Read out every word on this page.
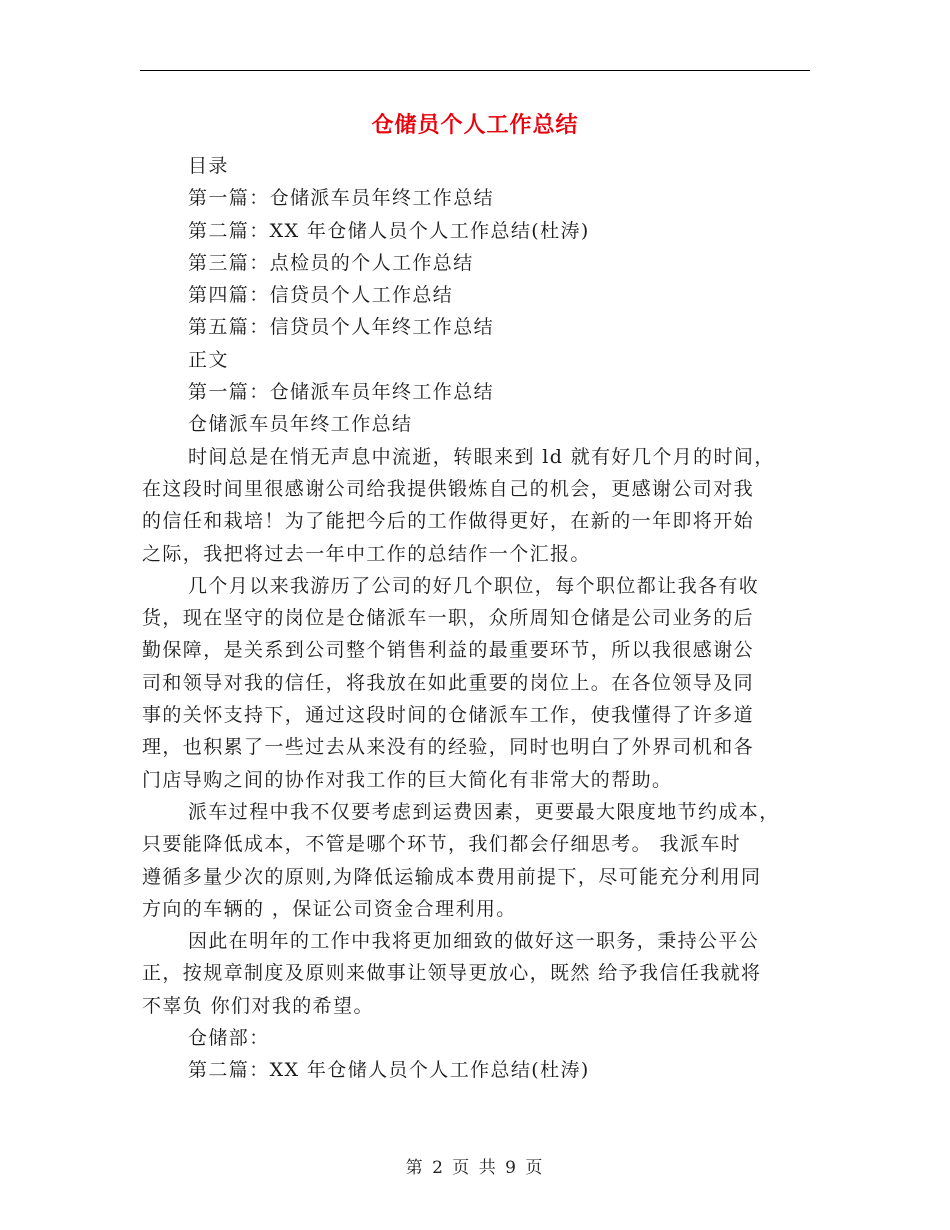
仓储员个人工作总结
目录
第一篇：仓储派车员年终工作总结
第二篇：XX 年仓储人员个人工作总结(杜涛)
第三篇：点检员的个人工作总结
第四篇：信贷员个人工作总结
第五篇：信贷员个人年终工作总结
正文
第一篇：仓储派车员年终工作总结
仓储派车员年终工作总结
时间总是在悄无声息中流逝，转眼来到 ld 就有好几个月的时间，
在这段时间里很感谢公司给我提供锻炼自己的机会，更感谢公司对我
的信任和栽培！为了能把今后的工作做得更好，在新的一年即将开始
之际，我把将过去一年中工作的总结作一个汇报。
几个月以来我游历了公司的好几个职位，每个职位都让我各有收
货，现在坚守的岗位是仓储派车一职，众所周知仓储是公司业务的后
勤保障，是关系到公司整个销售利益的最重要环节，所以我很感谢公
司和领导对我的信任，将我放在如此重要的岗位上。在各位领导及同
事的关怀支持下，通过这段时间的仓储派车工作，使我懂得了许多道
理，也积累了一些过去从来没有的经验，同时也明白了外界司机和各
门店导购之间的协作对我工作的巨大简化有非常大的帮助。
派车过程中我不仅要考虑到运费因素，更要最大限度地节约成本，
只要能降低成本，不管是哪个环节，我们都会仔细思考。 我派车时
遵循多量少次的原则,为降低运输成本费用前提下，尽可能充分利用同
方向的车辆的 ，保证公司资金合理利用。
因此在明年的工作中我将更加细致的做好这一职务，秉持公平公
正，按规章制度及原则来做事让领导更放心，既然 给予我信任我就将
不辜负 你们对我的希望。
仓储部：
第二篇：XX 年仓储人员个人工作总结(杜涛)
第 2 页 共 9 页
